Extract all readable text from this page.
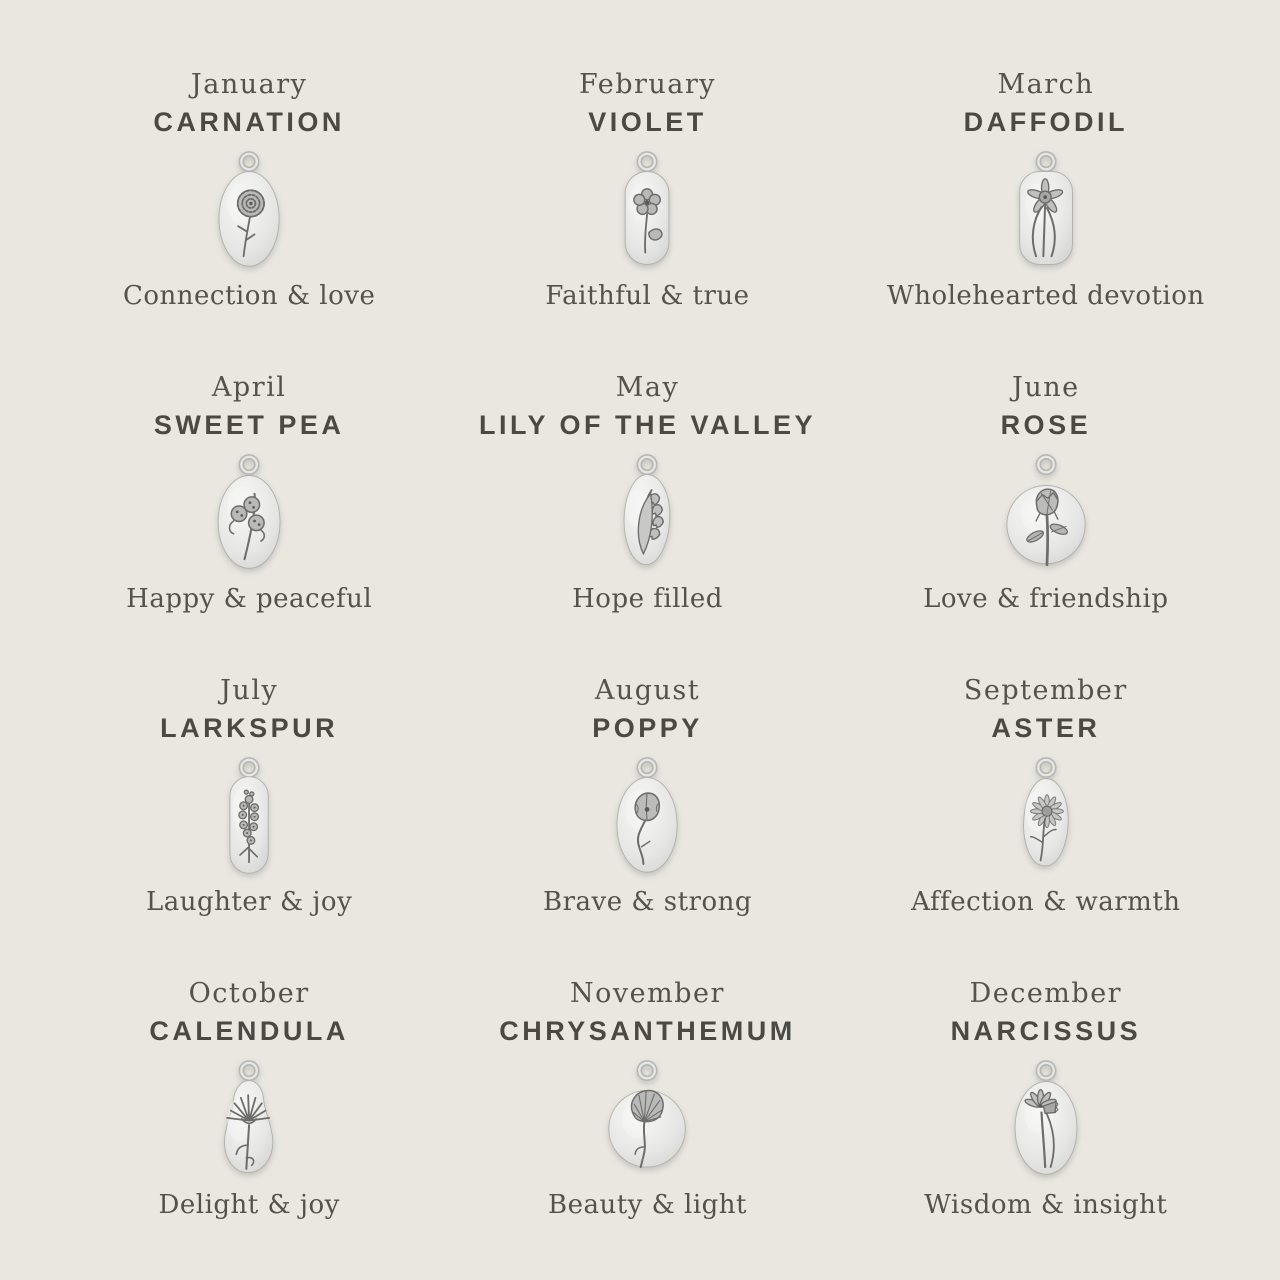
January
CARNATION
Connection & love
February
VIOLET
Faithful & true
March
DAFFODIL
Wholehearted devotion
April
SWEET PEA
Happy & peaceful
May
LILY OF THE VALLEY
Hope filled
June
ROSE
Love & friendship
July
LARKSPUR
Laughter & joy
August
POPPY
Brave & strong
September
ASTER
Affection & warmth
October
CALENDULA
Delight & joy
November
CHRYSANTHEMUM
Beauty & light
December
NARCISSUS
Wisdom & insight
